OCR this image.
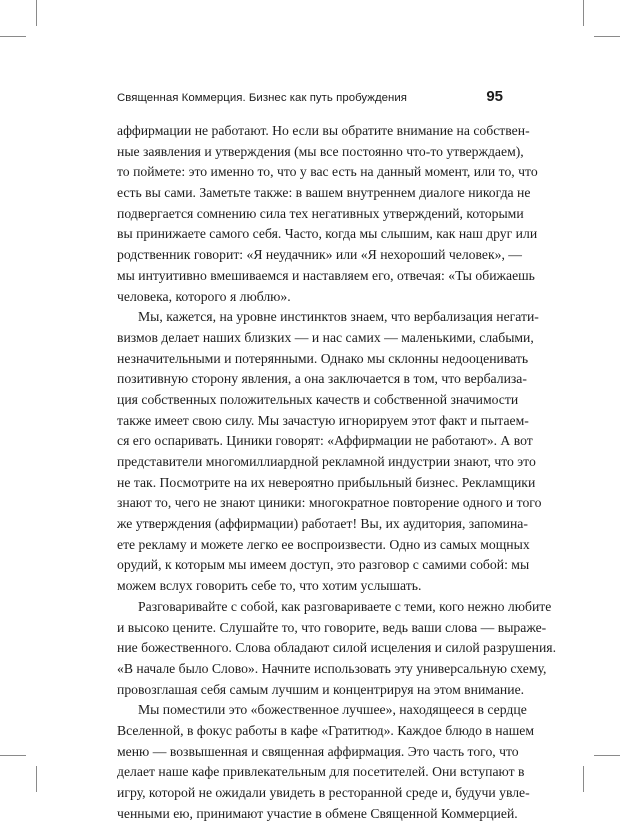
Священная Коммерция. Бизнес как путь пробуждения	95
аффирмации не работают. Но если вы обратите внимание на собствен-
ные заявления и утверждения (мы все постоянно что-то утверждаем),
то поймете: это именно то, что у вас есть на данный момент, или то, что
есть вы сами. Заметьте также: в вашем внутреннем диалоге никогда не
подвергается сомнению сила тех негативных утверждений, которыми
вы принижаете самого себя. Часто, когда мы слышим, как наш друг или
родственник говорит: «Я неудачник» или «Я нехороший человек», —
мы интуитивно вмешиваемся и наставляем его, отвечая: «Ты обижаешь
человека, которого я люблю».
Мы, кажется, на уровне инстинктов знаем, что вербализация негати-
визмов делает наших близких — и нас самих — маленькими, слабыми,
незначительными и потерянными. Однако мы склонны недооценивать
позитивную сторону явления, а она заключается в том, что вербализа-
ция собственных положительных качеств и собственной значимости
также имеет свою силу. Мы зачастую игнорируем этот факт и пытаем-
ся его оспаривать. Циники говорят: «Аффирмации не работают». А вот
представители многомиллиардной рекламной индустрии знают, что это
не так. Посмотрите на их невероятно прибыльный бизнес. Рекламщики
знают то, чего не знают циники: многократное повторение одного и того
же утверждения (аффирмации) работает! Вы, их аудитория, запомина-
ете рекламу и можете легко ее воспроизвести. Одно из самых мощных
орудий, к которым мы имеем доступ, это разговор с самими собой: мы
можем вслух говорить себе то, что хотим услышать.
Разговаривайте с собой, как разговариваете с теми, кого нежно любите
и высоко цените. Слушайте то, что говорите, ведь ваши слова — выраже-
ние божественного. Слова обладают силой исцеления и силой разрушения.
«В начале было Слово». Начните использовать эту универсальную схему,
провозглашая себя самым лучшим и концентрируя на этом внимание.
Мы поместили это «божественное лучшее», находящееся в сердце
Вселенной, в фокус работы в кафе «Гратитюд». Каждое блюдо в нашем
меню — возвышенная и священная аффирмация. Это часть того, что
делает наше кафе привлекательным для посетителей. Они вступают в
игру, которой не ожидали увидеть в ресторанной среде и, будучи увле-
ченными ею, принимают участие в обмене Священной Коммерцией.
